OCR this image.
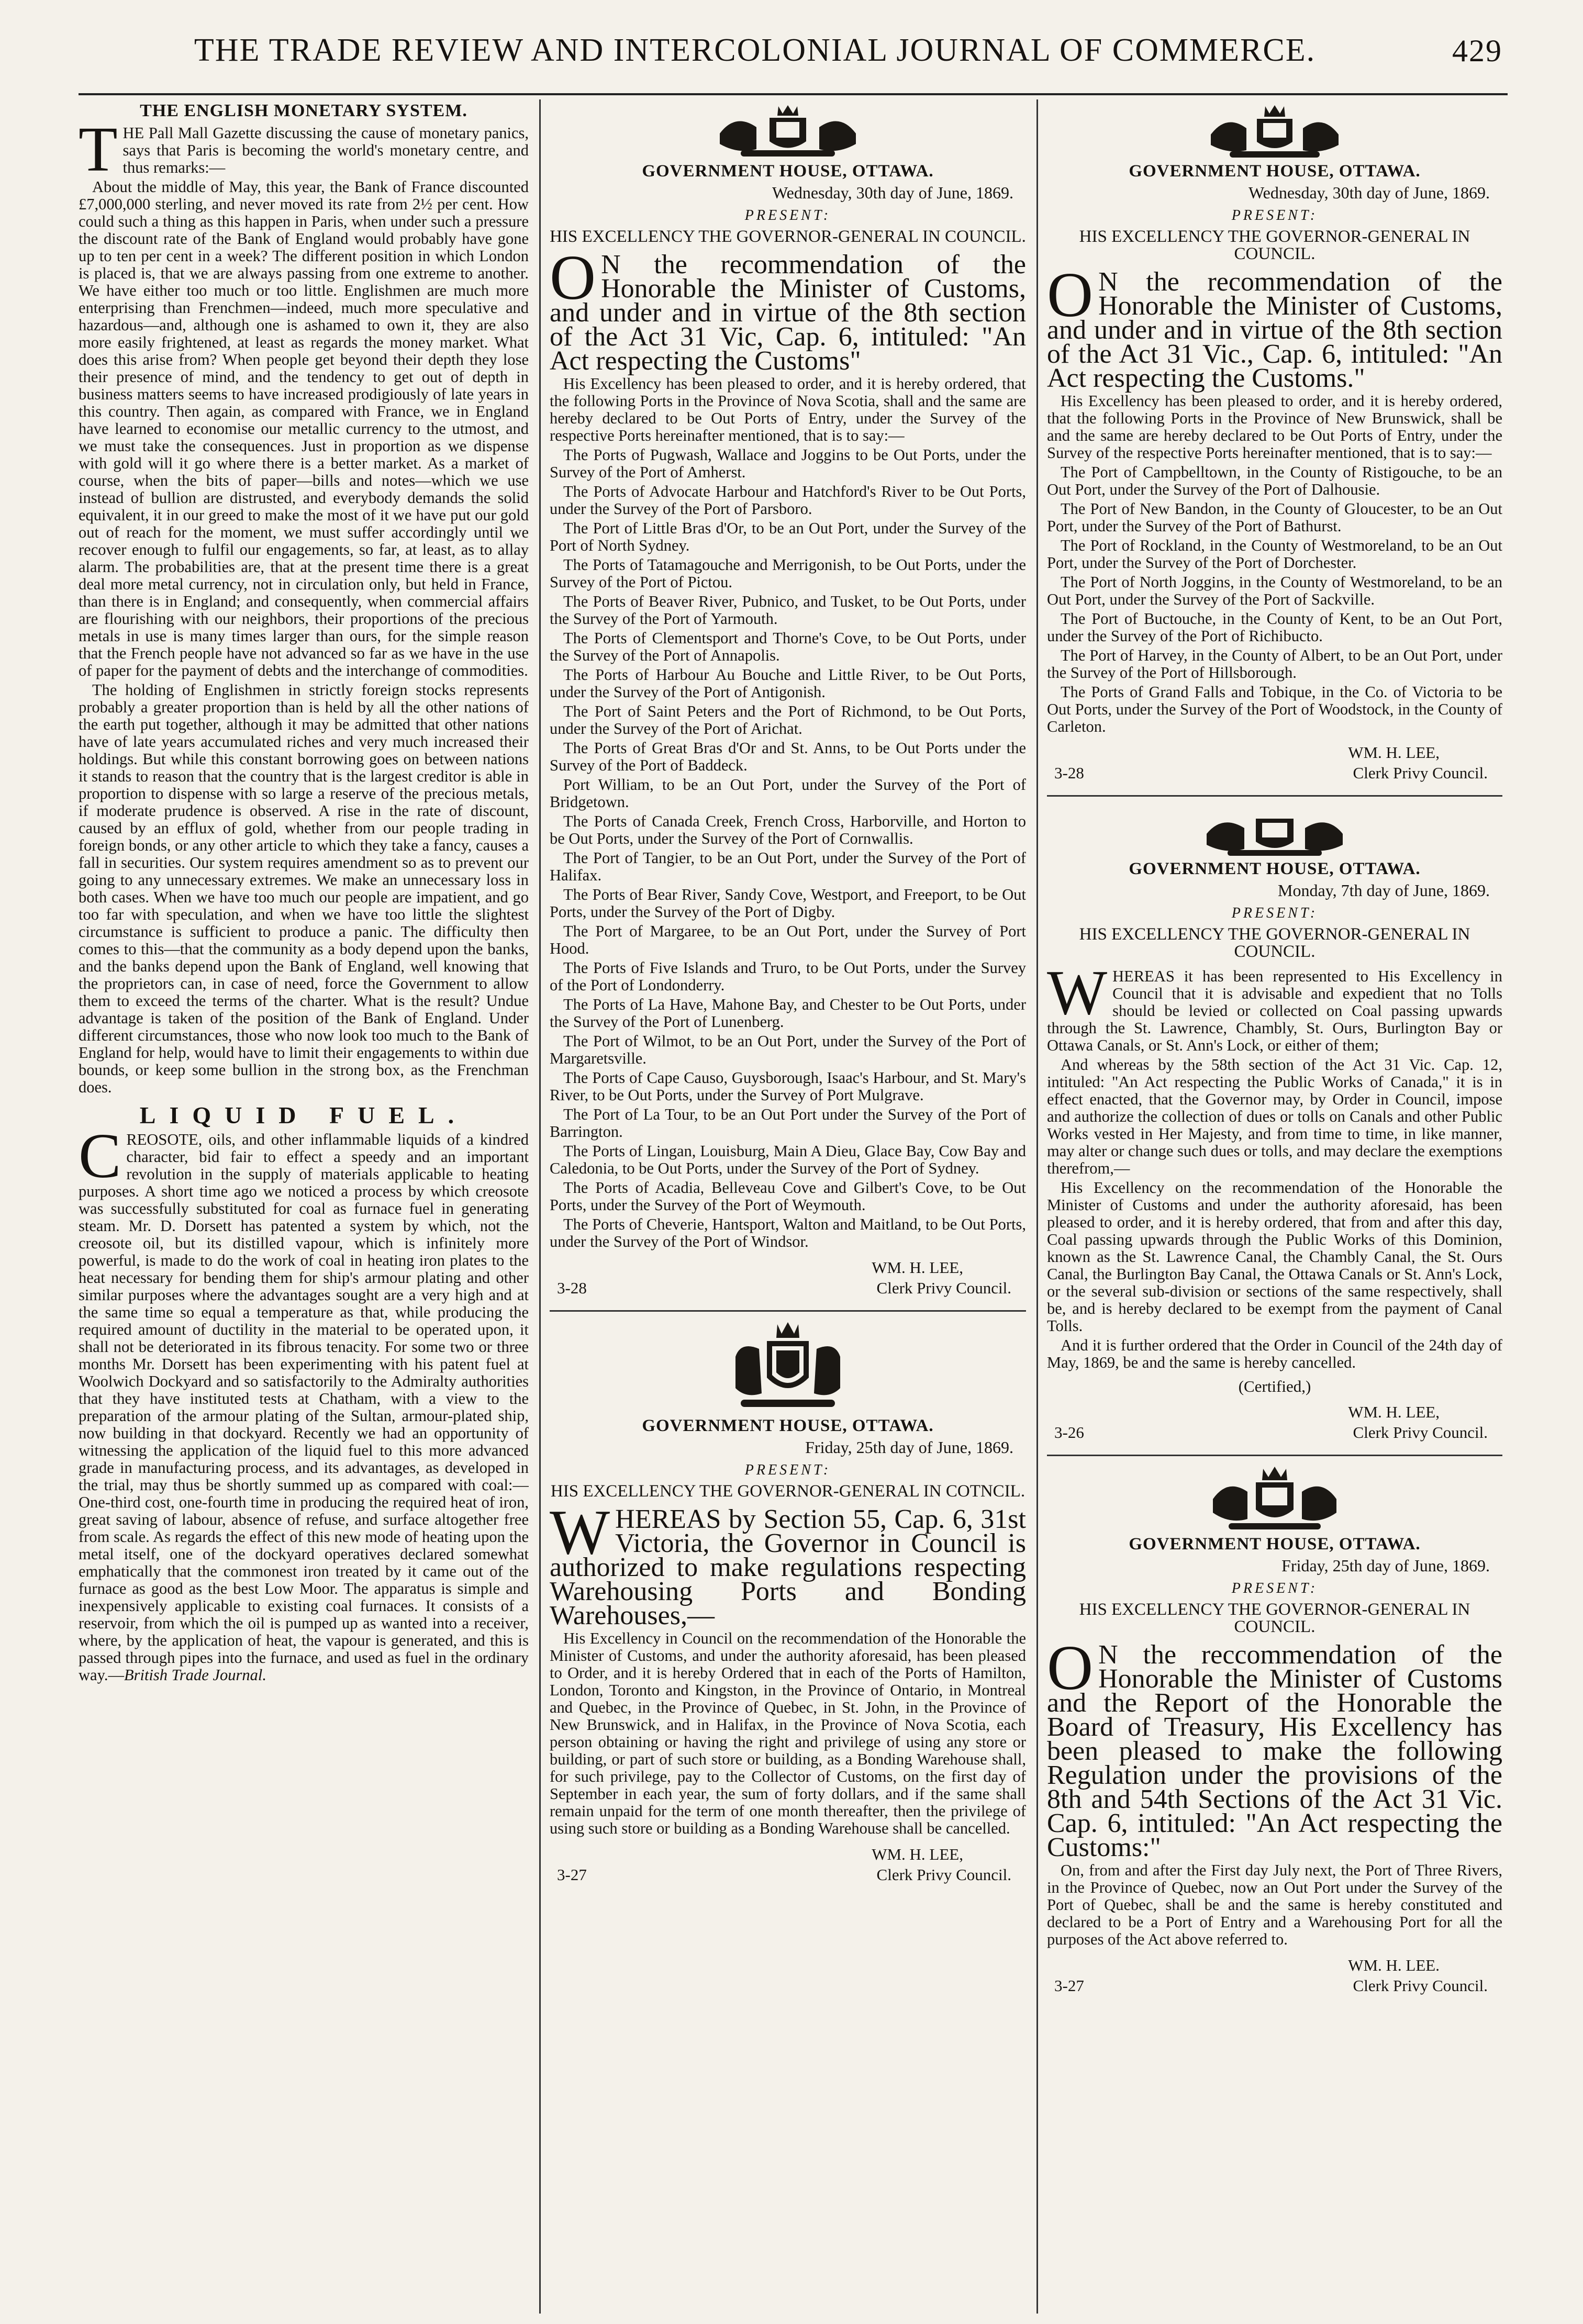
THE TRADE REVIEW AND INTERCOLONIAL JOURNAL OF COMMERCE.	429
THE ENGLISH MONETARY SYSTEM.

THE Pall Mall Gazette discussing the cause of monetary panics, says that Paris is becoming the world's monetary centre, and thus remarks:—

About the middle of May, this year, the Bank of France discounted £7,000,000 sterling, and never moved its rate from 2½ per cent. How could such a thing as this happen in Paris, when under such a pressure the discount rate of the Bank of England would probably have gone up to ten per cent in a week? The different position in which London is placed is, that we are always passing from one extreme to another. We have either too much or too little. Englishmen are much more enterprising than Frenchmen—indeed, much more speculative and hazardous—and, although one is ashamed to own it, they are also more easily frightened, at least as regards the money market. What does this arise from? When people get beyond their depth they lose their presence of mind, and the tendency to get out of depth in business matters seems to have increased prodigiously of late years in this country. Then again, as compared with France, we in England have learned to economise our metallic currency to the utmost, and we must take the consequences. Just in proportion as we dispense with gold will it go where there is a better market. As a market of course, when the bits of paper—bills and notes—which we use instead of bullion are distrusted, and everybody demands the solid equivalent, it in our greed to make the most of it we have put our gold out of reach for the moment, we must suffer accordingly until we recover enough to fulfil our engagements, so far, at least, as to allay alarm. The probabilities are, that at the present time there is a great deal more metal currency, not in circulation only, but held in France, than there is in England; and consequently, when commercial affairs are flourishing with our neighbors, their proportions of the precious metals in use is many times larger than ours, for the simple reason that the French people have not advanced so far as we have in the use of paper for the payment of debts and the interchange of commodities.

The holding of Englishmen in strictly foreign stocks represents probably a greater proportion than is held by all the other nations of the earth put together, although it may be admitted that other nations have of late years accumulated riches and very much increased their holdings. But while this constant borrowing goes on between nations it stands to reason that the country that is the largest creditor is able in proportion to dispense with so large a reserve of the precious metals, if moderate prudence is observed. A rise in the rate of discount, caused by an efflux of gold, whether from our people trading in foreign bonds, or any other article to which they take a fancy, causes a fall in securities. Our system requires amendment so as to prevent our going to any unnecessary extremes. We make an unnecessary loss in both cases. When we have too much our people are impatient, and go too far with speculation, and when we have too little the slightest circumstance is sufficient to produce a panic. The difficulty then comes to this—that the community as a body depend upon the banks, and the banks depend upon the Bank of England, well knowing that the proprietors can, in case of need, force the Government to allow them to exceed the terms of the charter. What is the result? Undue advantage is taken of the position of the Bank of England. Under different circumstances, those who now look too much to the Bank of England for help, would have to limit their engagements to within due bounds, or keep some bullion in the strong box, as the Frenchman does.

LIQUID FUEL.

CREOSOTE, oils, and other inflammable liquids of a kindred character, bid fair to effect a speedy and an important revolution in the supply of materials applicable to heating purposes. A short time ago we noticed a process by which creosote was successfully substituted for coal as furnace fuel in generating steam. Mr. D. Dorsett has patented a system by which, not the creosote oil, but its distilled vapour, which is infinitely more powerful, is made to do the work of coal in heating iron plates to the heat necessary for bending them for ship's armour plating and other similar purposes where the advantages sought are a very high and at the same time so equal a temperature as that, while producing the required amount of ductility in the material to be operated upon, it shall not be deteriorated in its fibrous tenacity. For some two or three months Mr. Dorsett has been experimenting with his patent fuel at Woolwich Dockyard and so satisfactorily to the Admiralty authorities that they have instituted tests at Chatham, with a view to the preparation of the armour plating of the Sultan, armour-plated ship, now building in that dockyard. Recently we had an opportunity of witnessing the application of the liquid fuel to this more advanced grade in manufacturing process, and its advantages, as developed in the trial, may thus be shortly summed up as compared with coal:—One-third cost, one-fourth time in producing the required heat of iron, great saving of labour, absence of refuse, and surface altogether free from scale. As regards the effect of this new mode of heating upon the metal itself, one of the dockyard operatives declared somewhat emphatically that the commonest iron treated by it came out of the furnace as good as the best Low Moor. The apparatus is simple and inexpensively applicable to existing coal furnaces. It consists of a reservoir, from which the oil is pumped up as wanted into a receiver, where, by the application of heat, the vapour is generated, and this is passed through pipes into the furnace, and used as fuel in the ordinary way.—British Trade Journal.

GOVERNMENT HOUSE, OTTAWA.
Wednesday, 30th day of June, 1869.
PRESENT:
HIS EXCELLENCY THE GOVERNOR-GENERAL IN COUNCIL.

O N the recommendation of the Honorable the Minister of Customs, and under and in virtue of the 8th section of the Act 31 Vic, Cap. 6, intituled: "An Act respecting the Customs"

His Excellency has been pleased to order, and it is hereby ordered, that the following Ports in the Province of Nova Scotia, shall and the same are hereby declared to be Out Ports of Entry, under the Survey of the respective Ports hereinafter mentioned, that is to say:—

The Ports of Pugwash, Wallace and Joggins to be Out Ports, under the Survey of the Port of Amherst.

The Ports of Advocate Harbour and Hatchford's River to be Out Ports, under the Survey of the Port of Parsboro.

The Port of Little Bras d'Or, to be an Out Port, under the Survey of the Port of North Sydney.

The Ports of Tatamagouche and Merrigonish, to be Out Ports, under the Survey of the Port of Pictou.

The Ports of Beaver River, Pubnico, and Tusket, to be Out Ports, under the Survey of the Port of Yarmouth.

The Ports of Clementsport and Thorne's Cove, to be Out Ports, under the Survey of the Port of Annapolis.

The Ports of Harbour Au Bouche and Little River, to be Out Ports, under the Survey of the Port of Antigonish.

The Port of Saint Peters and the Port of Richmond, to be Out Ports, under the Survey of the Port of Arichat.

The Ports of Great Bras d'Or and St. Anns, to be Out Ports under the Survey of the Port of Baddeck.

Port William, to be an Out Port, under the Survey of the Port of Bridgetown.

The Ports of Canada Creek, French Cross, Harborville, and Horton to be Out Ports, under the Survey of the Port of Cornwallis.

The Port of Tangier, to be an Out Port, under the Survey of the Port of Halifax.

The Ports of Bear River, Sandy Cove, Westport, and Freeport, to be Out Ports, under the Survey of the Port of Digby.

The Port of Margaree, to be an Out Port, under the Survey of Port Hood.

The Ports of Five Islands and Truro, to be Out Ports, under the Survey of the Port of Londonderry.

The Ports of La Have, Mahone Bay, and Chester to be Out Ports, under the Survey of the Port of Lunenberg.

The Port of Wilmot, to be an Out Port, under the Survey of the Port of Margaretsville.

The Ports of Cape Causo, Guysborough, Isaac's Harbour, and St. Mary's River, to be Out Ports, under the Survey of Port Mulgrave.

The Port of La Tour, to be an Out Port under the Survey of the Port of Barrington.

The Ports of Lingan, Louisburg, Main A Dieu, Glace Bay, Cow Bay and Caledonia, to be Out Ports, under the Survey of the Port of Sydney.

The Ports of Acadia, Belleveau Cove and Gilbert's Cove, to be Out Ports, under the Survey of the Port of Weymouth.

The Ports of Cheverie, Hantsport, Walton and Maitland, to be Out Ports, under the Survey of the Port of Windsor.

WM. H. LEE,
3-28	Clerk Privy Council.
GOVERNMENT HOUSE, OTTAWA.
Friday, 25th day of June, 1869.
PRESENT:
HIS EXCELLENCY THE GOVERNOR-GENERAL IN COTNCIL.

WHEREAS by Section 55, Cap. 6, 31st Victoria, the Governor in Council is authorized to make regulations respecting Warehousing Ports and Bonding Warehouses,—

His Excellency in Council on the recommendation of the Honorable the Minister of Customs, and under the authority aforesaid, has been pleased to Order, and it is hereby Ordered that in each of the Ports of Hamilton, London, Toronto and Kingston, in the Province of Ontario, in Montreal and Quebec, in the Province of Quebec, in St. John, in the Province of New Brunswick, and in Halifax, in the Province of Nova Scotia, each person obtaining or having the right and privilege of using any store or building, or part of such store or building, as a Bonding Warehouse shall, for such privilege, pay to the Collector of Customs, on the first day of September in each year, the sum of forty dollars, and if the same shall remain unpaid for the term of one month thereafter, then the privilege of using such store or building as a Bonding Warehouse shall be cancelled.

WM. H. LEE,
3-27	Clerk Privy Council.
GOVERNMENT HOUSE, OTTAWA.
Wednesday, 30th day of June, 1869.
PRESENT:
HIS EXCELLENCY THE GOVERNOR-GENERAL IN COUNCIL.

O N the recommendation of the Honorable the Minister of Customs, and under and in virtue of the 8th section of the Act 31 Vic., Cap. 6, intituled: "An Act respecting the Customs."

His Excellency has been pleased to order, and it is hereby ordered, that the following Ports in the Province of New Brunswick, shall be and the same are hereby declared to be Out Ports of Entry, under the Survey of the respective Ports hereinafter mentioned, that is to say:—

The Port of Campbelltown, in the County of Ristigouche, to be an Out Port, under the Survey of the Port of Dalhousie.

The Port of New Bandon, in the County of Gloucester, to be an Out Port, under the Survey of the Port of Bathurst.

The Port of Rockland, in the County of Westmoreland, to be an Out Port, under the Survey of the Port of Dorchester.

The Port of North Joggins, in the County of Westmoreland, to be an Out Port, under the Survey of the Port of Sackville.

The Port of Buctouche, in the County of Kent, to be an Out Port, under the Survey of the Port of Richibucto.

The Port of Harvey, in the County of Albert, to be an Out Port, under the Survey of the Port of Hillsborough.

The Ports of Grand Falls and Tobique, in the Co. of Victoria to be Out Ports, under the Survey of the Port of Woodstock, in the County of Carleton.

WM. H. LEE,
3-28	Clerk Privy Council.
GOVERNMENT HOUSE, OTTAWA.
Monday, 7th day of June, 1869.
PRESENT:
HIS EXCELLENCY THE GOVERNOR-GENERAL IN COUNCIL.

WHEREAS it has been represented to His Excellency in Council that it is advisable and expedient that no Tolls should be levied or collected on Coal passing upwards through the St. Lawrence, Chambly, St. Ours, Burlington Bay or Ottawa Canals, or St. Ann's Lock, or either of them;

And whereas by the 58th section of the Act 31 Vic. Cap. 12, intituled: "An Act respecting the Public Works of Canada," it is in effect enacted, that the Governor may, by Order in Council, impose and authorize the collection of dues or tolls on Canals and other Public Works vested in Her Majesty, and from time to time, in like manner, may alter or change such dues or tolls, and may declare the exemptions therefrom,—

His Excellency on the recommendation of the Honorable the Minister of Customs and under the authority aforesaid, has been pleased to order, and it is hereby ordered, that from and after this day, Coal passing upwards through the Public Works of this Dominion, known as the St. Lawrence Canal, the Chambly Canal, the St. Ours Canal, the Burlington Bay Canal, the Ottawa Canals or St. Ann's Lock, or the several sub-division or sections of the same respectively, shall be, and is hereby declared to be exempt from the payment of Canal Tolls.

And it is further ordered that the Order in Council of the 24th day of May, 1869, be and the same is hereby cancelled.

(Certified,)
WM. H. LEE,
3-26	Clerk Privy Council.
GOVERNMENT HOUSE, OTTAWA.
Friday, 25th day of June, 1869.
PRESENT:
HIS EXCELLENCY THE GOVERNOR-GENERAL IN COUNCIL.

O N the reccommendation of the Honorable the Minister of Customs and the Report of the Honorable the Board of Treasury, His Excellency has been pleased to make the following Regulation under the provisions of the 8th and 54th Sections of the Act 31 Vic. Cap. 6, intituled: "An Act respecting the Customs:"

On, from and after the First day July next, the Port of Three Rivers, in the Province of Quebec, now an Out Port under the Survey of the Port of Quebec, shall be and the same is hereby constituted and declared to be a Port of Entry and a Warehousing Port for all the purposes of the Act above referred to.

WM. H. LEE.
3-27	Clerk Privy Council.
